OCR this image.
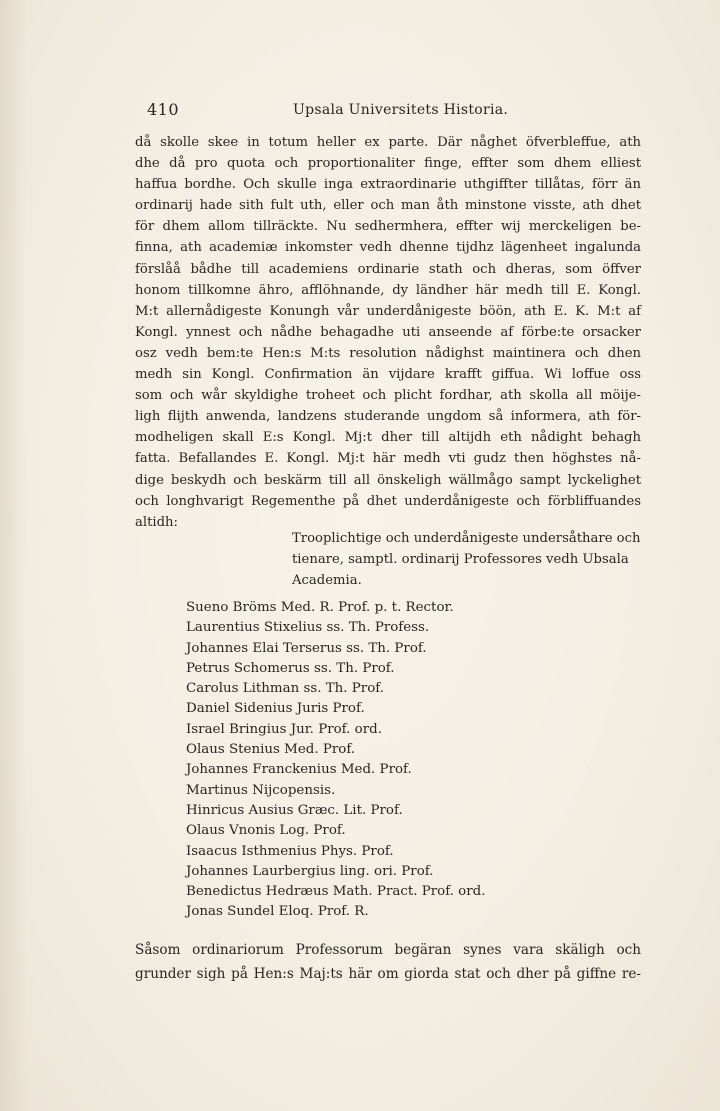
410	Upsala Universitets Historia.
då skolle skee in totum heller ex parte. Där någhet öfverbleffue, ath
dhe då pro quota och proportionaliter finge, effter som dhem elliest
haffua bordhe. Och skulle inga extraordinarie uthgiffter tillåtas, förr än
ordinarij hade sith fult uth, eller och man åth minstone visste, ath dhet
för dhem allom tillräckte. Nu sedhermhera, effter wij merckeligen be-
finna, ath academiæ inkomster vedh dhenne tijdhz lägenheet ingalunda
förslåå bådhe till academiens ordinarie stath och dheras, som öffver
honom tillkomne ähro, afflöhnande, dy ländher här medh till E. Kongl.
M:t allernådigeste Konungh vår underdånigeste böön, ath E. K. M:t af
Kongl. ynnest och nådhe behagadhe uti anseende af förbe:te orsacker
osz vedh bem:te Hen:s M:ts resolution nådighst maintinera och dhen
medh sin Kongl. Confirmation än vijdare krafft giffua. Wi loffue oss
som och wår skyldighe troheet och plicht fordhar, ath skolla all möije-
ligh flijth anwenda, landzens studerande ungdom så informera, ath för-
modheligen skall E:s Kongl. Mj:t dher till altijdh eth nådight behagh
fatta. Befallandes E. Kongl. Mj:t här medh vti gudz then höghstes nå-
dige beskydh och beskärm till all önskeligh wällmågo sampt lyckelighet
och longhvarigt Regementhe på dhet underdånigeste och förbliffuandes
altidh:
Trooplichtige och underdånigeste undersåthare och
tienare, samptl. ordinarij Professores vedh Ubsala
Academia.
Sueno Bröms Med. R. Prof. p. t. Rector.
Laurentius Stixelius ss. Th. Profess.
Johannes Elai Terserus ss. Th. Prof.
Petrus Schomerus ss. Th. Prof.
Carolus Lithman ss. Th. Prof.
Daniel Sidenius Juris Prof.
Israel Bringius Jur. Prof. ord.
Olaus Stenius Med. Prof.
Johannes Franckenius Med. Prof.
Martinus Nijcopensis.
Hinricus Ausius Græc. Lit. Prof.
Olaus Vnonis Log. Prof.
Isaacus Isthmenius Phys. Prof.
Johannes Laurbergius ling. ori. Prof.
Benedictus Hedræus Math. Pract. Prof. ord.
Jonas Sundel Eloq. Prof. R.
Såsom ordinariorum Professorum begäran synes vara skäligh och
grunder sigh på Hen:s Maj:ts här om giorda stat och dher på giffne re-
